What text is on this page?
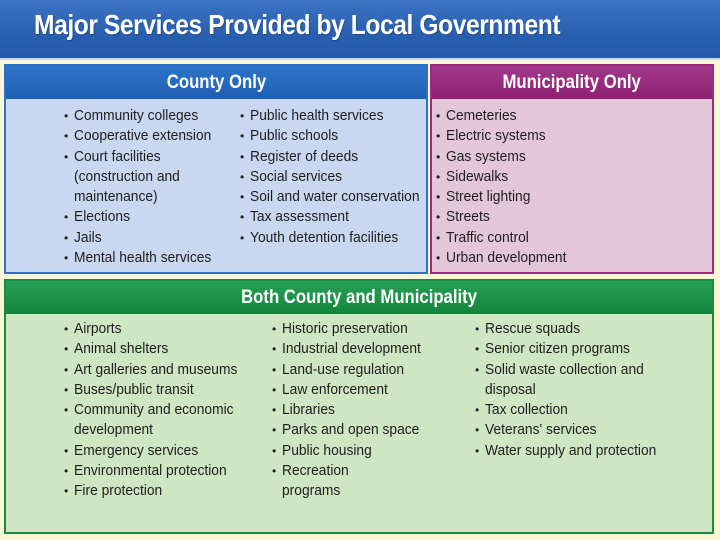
Major Services Provided by Local Government
County Only
• Community colleges
• Cooperative extension
• Court facilities
(construction and
maintenance)
• Elections
• Jails
• Mental health services
• Public health services
• Public schools
• Register of deeds
• Social services
• Soil and water conservation
• Tax assessment
• Youth detention facilities
Municipality Only
• Cemeteries
• Electric systems
• Gas systems
• Sidewalks
• Street lighting
• Streets
• Traffic control
• Urban development
Both County and Municipality
• Airports
• Animal shelters
• Art galleries and museums
• Buses/public transit
• Community and economic
development
• Emergency services
• Environmental protection
• Fire protection
• Historic preservation
• Industrial development
• Land-use regulation
• Law enforcement
• Libraries
• Parks and open space
• Public housing
• Recreation
programs
• Rescue squads
• Senior citizen programs
• Solid waste collection and
disposal
• Tax collection
• Veterans' services
• Water supply and protection
